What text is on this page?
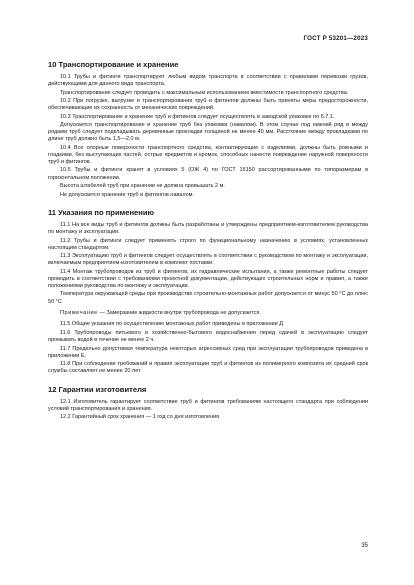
ГОСТ Р 53201—2023
10 Транспортирование и хранение

10.1 Трубы и фитинги транспортируют любым видом транспорта в соответствии с правилами перевозки грузов, действующими для данного вида транспорта.

Транспортирование следует проводить с максимальным использованием вместимости транспортного средства.

10.2 При погрузке, выгрузке и транспортировании труб и фитингов должны быть приняты меры предосторожности, обеспечивающие их сохранность от механических повреждений.

10.3 Транспортирование и хранение труб и фитингов следует осуществлять в заводской упаковке по 6.7.1.

Допускается транспортирование и хранение труб без упаковки (навалом). В этом случае под нижний ряд и между рядами труб следует подкладывать деревянные прокладки толщиной не менее 40 мм. Расстояние между прокладками по длине труб должно быть 1,5—2,0 м.

10.4 Все опорные поверхности транспортного средства, контактирующие с изделиями, должны быть ровными и гладкими, без выступающих частей, острых предметов и кромок, способных нанести повреждение наружной поверхности труб и фитингов.

10.5 Трубы и фитинги хранят в условиях 5 (ОЖ 4) по ГОСТ 15150 рассортированными по типоразмерам в горизонтальном положении.

Высота штабелей труб при хранении не должна превышать 2 м.

Не допускается хранение труб и фитингов навалом.

11 Указания по применению

11.1 На все виды труб и фитингов должны быть разработаны и утверждены предприятием-изготовителем руководства по монтажу и эксплуатации.

11.2 Трубы и фитинги следует применять строго по функциональному назначению в условиях, установленных настоящим стандартом.

11.3 Эксплуатацию труб и фитингов следует осуществлять в соответствии с руководством по монтажу и эксплуатации, включаемым предприятием-изготовителем в комплект поставки.

11.4 Монтаж трубопроводов из труб и фитингов, их гидравлические испытания, а также ремонтные работы следует проводить в соответствии с требованиями проектной документации, действующих строительных норм и правил, а также положениями руководства по монтажу и эксплуатации.

Температура окружающей среды при производстве строительно-монтажных работ допускается от минус 50 °С до плюс 50 °С

Примечание — Замерзание жидкости внутри трубопровода не допускается.

11.5 Общие указания по осуществлению монтажных работ приведены в приложении Д

11.6 Трубопроводы питьевого и хозяйственно-бытового водоснабжения перед сдачей в эксплуатацию следует промывать водой в течение не менее 2 ч.

11.7 Предельно допустимая температура некоторых агрессивных сред при эксплуатации трубопроводов приведена в приложении Е.

11.8 При соблюдении требований и правил эксплуатации труб и фитингов из полимерного композита их средний срок службы составляет не менее 20 лет

12 Гарантии изготовителя

12.1 Изготовитель гарантирует соответствие труб и фитингов требованиям настоящего стандарта при соблюдении условий транспортирования и хранения.

12.2 Гарантийный срок хранения — 1 год со дня изготовления.

35
